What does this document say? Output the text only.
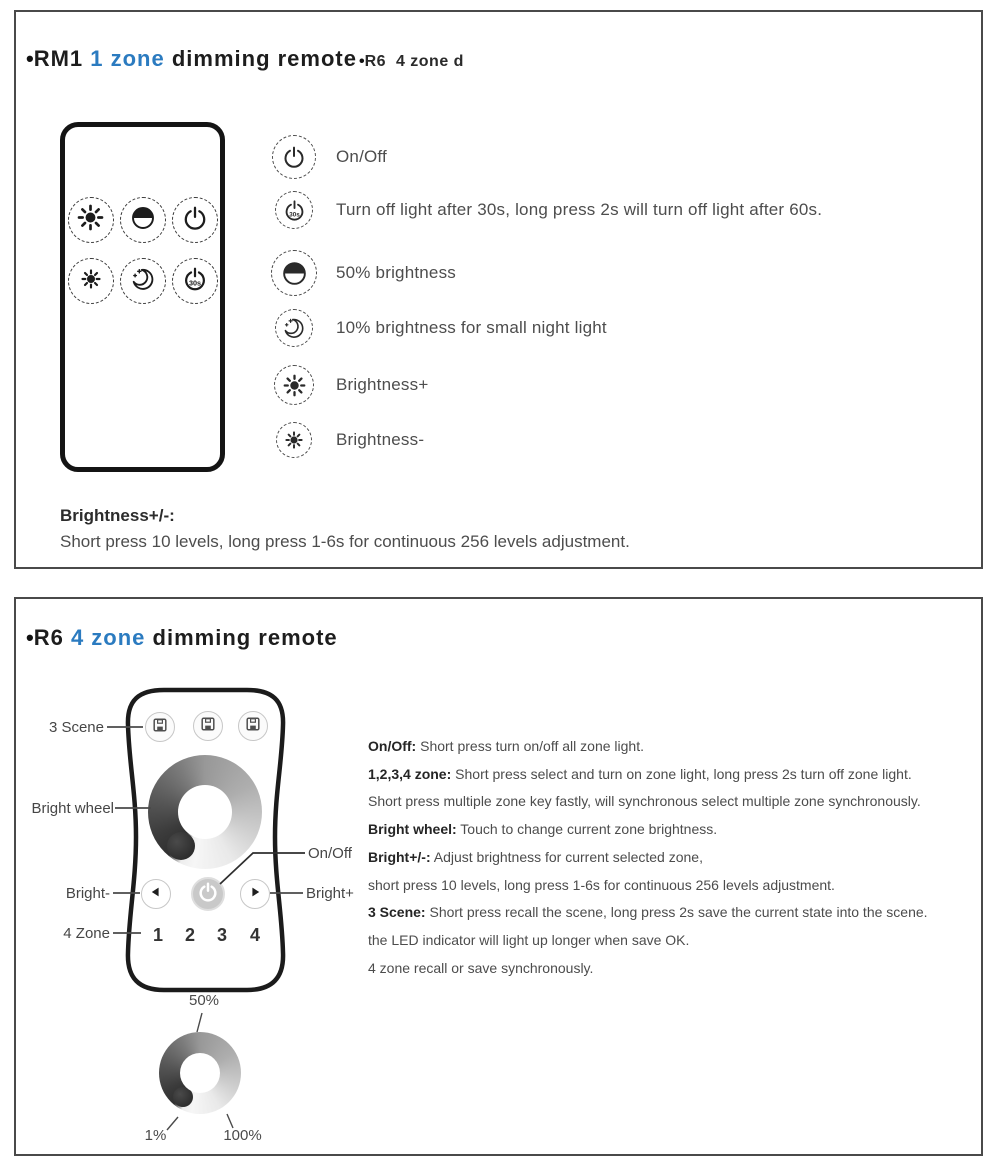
• RM1 1 zone dimming remote • R6  4 zone d
30s
On/Off
30s Turn off light after 30s, long press 2s will turn off light after 60s.
50% brightness
10% brightness for small night light
Brightness+
Brightness-
Brightness+/-:
Short press 10 levels, long press 1-6s for continuous 256 levels adjustment.
• R6 4 zone dimming remote
1	2	3	4
3 Scene
Bright wheel
On/Off
Bright-	Bright+
4 Zone
50%
1%	100%
On/Off: Short press turn on/off all zone light.
1,2,3,4 zone: Short press select and turn on zone light, long press 2s turn off zone light.
Short press multiple zone key fastly, will synchronous select multiple zone synchronously.
Bright wheel: Touch to change current zone brightness.
Bright+/-: Adjust brightness for current selected zone,
short press 10 levels, long press 1-6s for continuous 256 levels adjustment.
3 Scene: Short press recall the scene, long press 2s save the current state into the scene.
the LED indicator will light up longer when save OK.
4 zone recall or save synchronously.
